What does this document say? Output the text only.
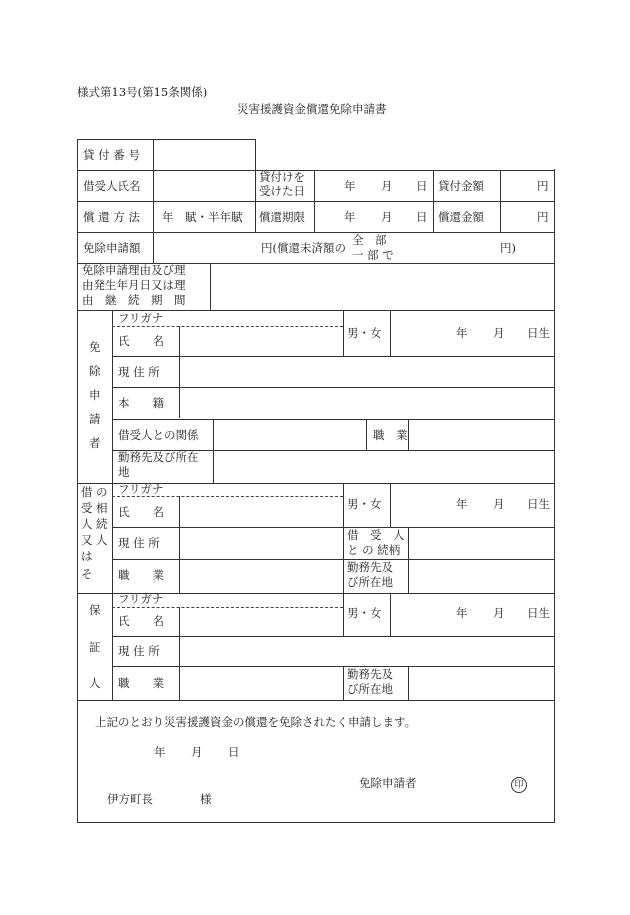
様式第13号(第15条関係)
災害援護資金償還免除申請書
貸 付 番 号
借受人氏名
貸付けを
受けた日	年 月 日 貸付金額	円
償 還 方 法 年　賦・半年賦 償還期限	年 月 日 償還金額	円
免除申請額	円(償還未済額の
全　部
一 部 で	円)
免除申請理由及び理
由発生年月日又は理
由　継　続　期　間
免
除
申
請
者
フリガナ
氏　　名
男・女	年 月 日生
現 住 所
本　　籍
借受人との関係	職　業
勤務先及び所在
地
借
受
人
又
は
の
相
続
人
そ
フリガナ
氏　　名
男・女	年 月 日生
現 住 所
借　受　人
と の 続柄
職　　業
勤務先及
び所在地
保
証
人
フリガナ
氏　　名
男・女	年 月 日生
現 住 所
職　　業
勤務先及
び所在地
上記のとおり災害援護資金の償還を免除されたく申請します。
年 月 日
免除申請者	印
伊方町長	様
